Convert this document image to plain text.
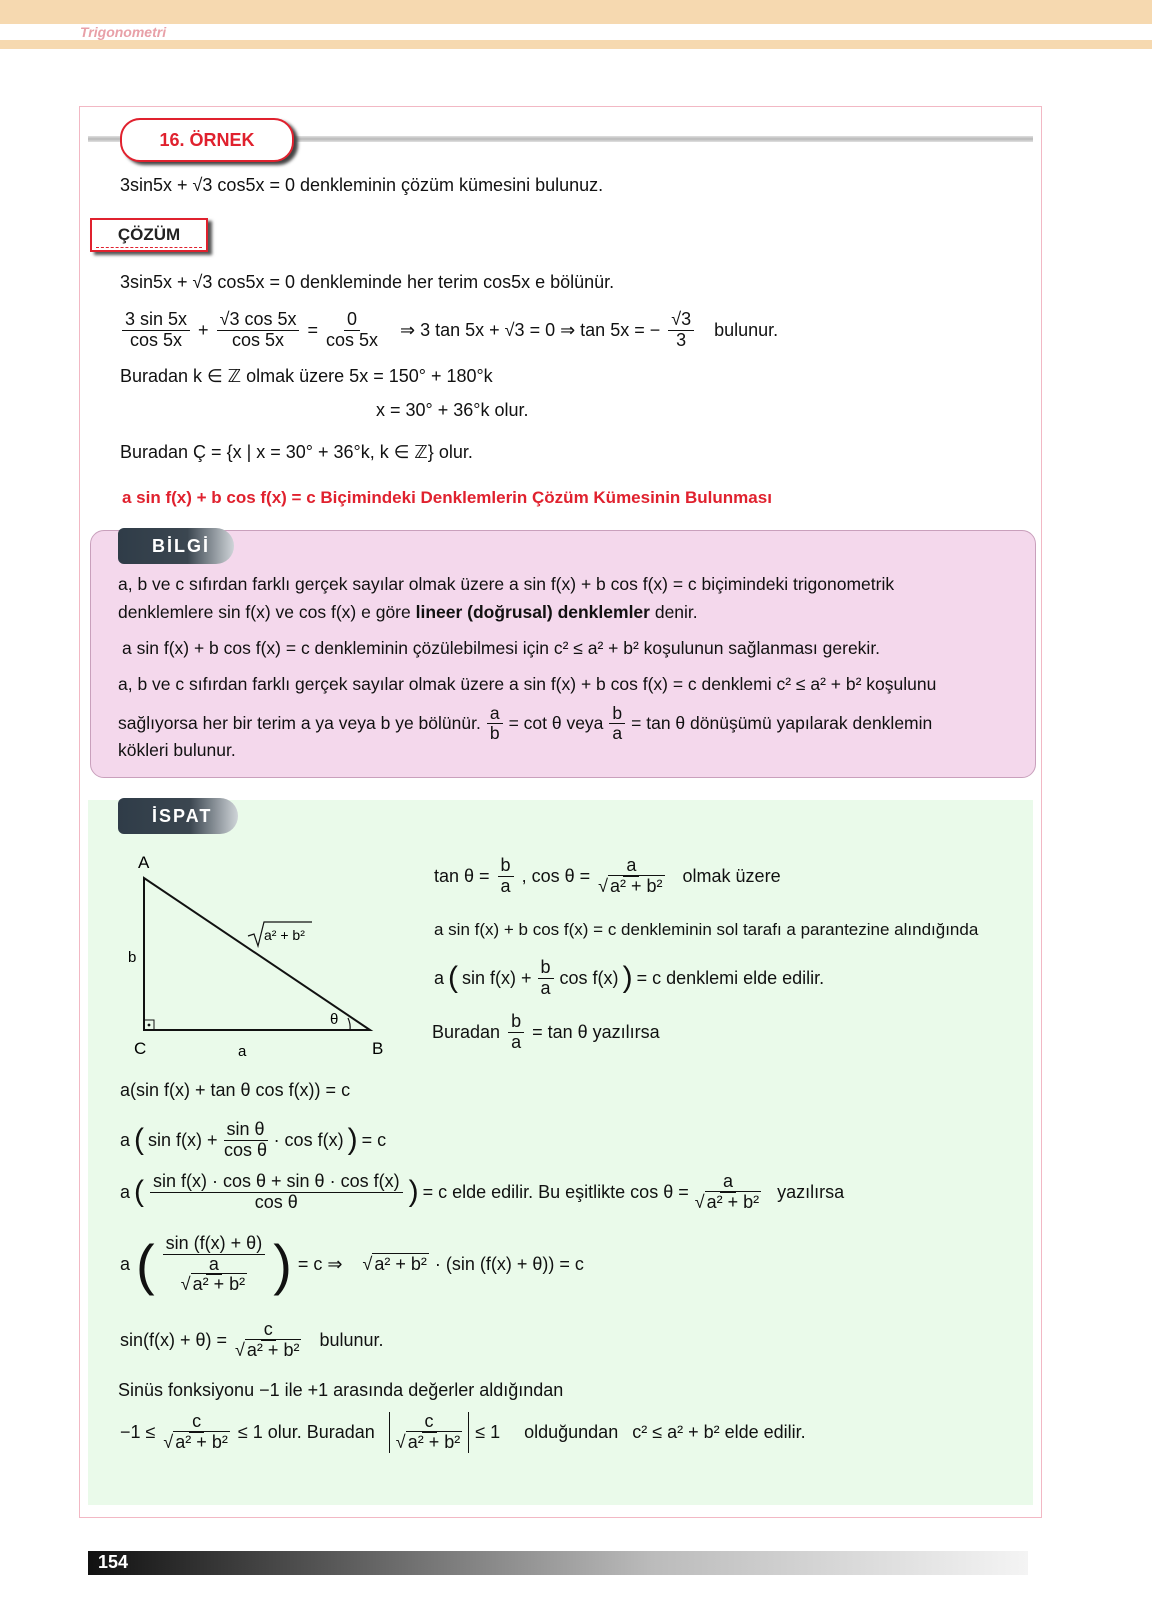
Trigonometri
16. ÖRNEK
3sin5x + √3 cos5x = 0 denkleminin çözüm kümesini bulunuz.
ÇÖZÜM
3sin5x + √3 cos5x = 0 denkleminde her terim cos5x e bölünür.
$\frac{3 \sin 5x}{\cos 5x} + \frac{√3 \cos 5x}{\cos 5x} = \frac{0}{\cos 5x}$ ⇒ 3 tan 5x + √3 = 0 ⇒ tan 5x = − $\frac{√3}{3}$ bulunur.
Buradan k ∈ ℤ olmak üzere 5x = 150° + 180°k
x = 30° + 36°k olur.
Buradan Ç = {x | x = 30° + 36°k, k ∈ ℤ} olur.
a sin f(x) + b cos f(x) = c Biçimindeki Denklemlerin Çözüm Kümesinin Bulunması
BİLGİ
a, b ve c sıfırdan farklı gerçek sayılar olmak üzere a sin f(x) + b cos f(x) = c biçimindeki trigonometrik
denklemlere sin f(x) ve cos f(x) e göre lineer (doğrusal) denklemler denir.
a sin f(x) + b cos f(x) = c denkleminin çözülebilmesi için c² ≤ a² + b² koşulunun sağlanması gerekir.
a, b ve c sıfırdan farklı gerçek sayılar olmak üzere a sin f(x) + b cos f(x) = c denklemi c² ≤ a² + b² koşulunu
sağlıyorsa her bir terim a ya veya b ye bölünür. $\frac{a}{b} = \cot \theta$ veya $\frac{b}{a} = \tan \theta$ dönüşümü yapılarak denklemin
kökleri bulunur.
İSPAT
A
C	B
b
a
θ
a² + b²
$\tan \theta = \frac{b}{a}$ , $\cos \theta = \frac{a}{\text{√ a² + b²}}$ olmak üzere
a sin f(x) + b cos f(x) = c denkleminin sol tarafı a parantezine alındığında
a ( $\sin f(x) + \frac{b}{a}$ cos f(x) ) = c denklemi elde edilir.
Buradan $\frac{b}{a} = \tan \theta$ yazılırsa
a(sin f(x) + tan θ cos f(x)) = c
a ( $\sin f(x) + \frac{\text{sin θ}}{\text{cos θ}} \cdot \cos f(x)$ ) = c
a ( $\frac{\text{sin f(x) · cos θ + sin θ · cos f(x)}}{\text{cos θ}}$ ) = c elde edilir. Bu eşitlikte $\cos \theta = \frac{a}{\text{√ a² + b²}}$ yazılırsa
a ( $\frac{\sin (f(x) + \theta)}{\frac{a}{\text{√ a² + b²}}}$ ) = c ⇒ √ a² + b² · (sin (f(x) + θ)) = c
$\sin(f(x) + \theta) = \frac{c}{\text{√ a² + b²}}$ bulunur.
Sinüs fonksiyonu −1 ile +1 arasında değerler aldığından
$-1 \le \frac{c}{\text{√ a² + b²}} \le 1$ olur. Buradan $\frac{c}{\text{√ a² + b²}} \le 1$ olduğundan c² ≤ a² + b² elde edilir.
154
